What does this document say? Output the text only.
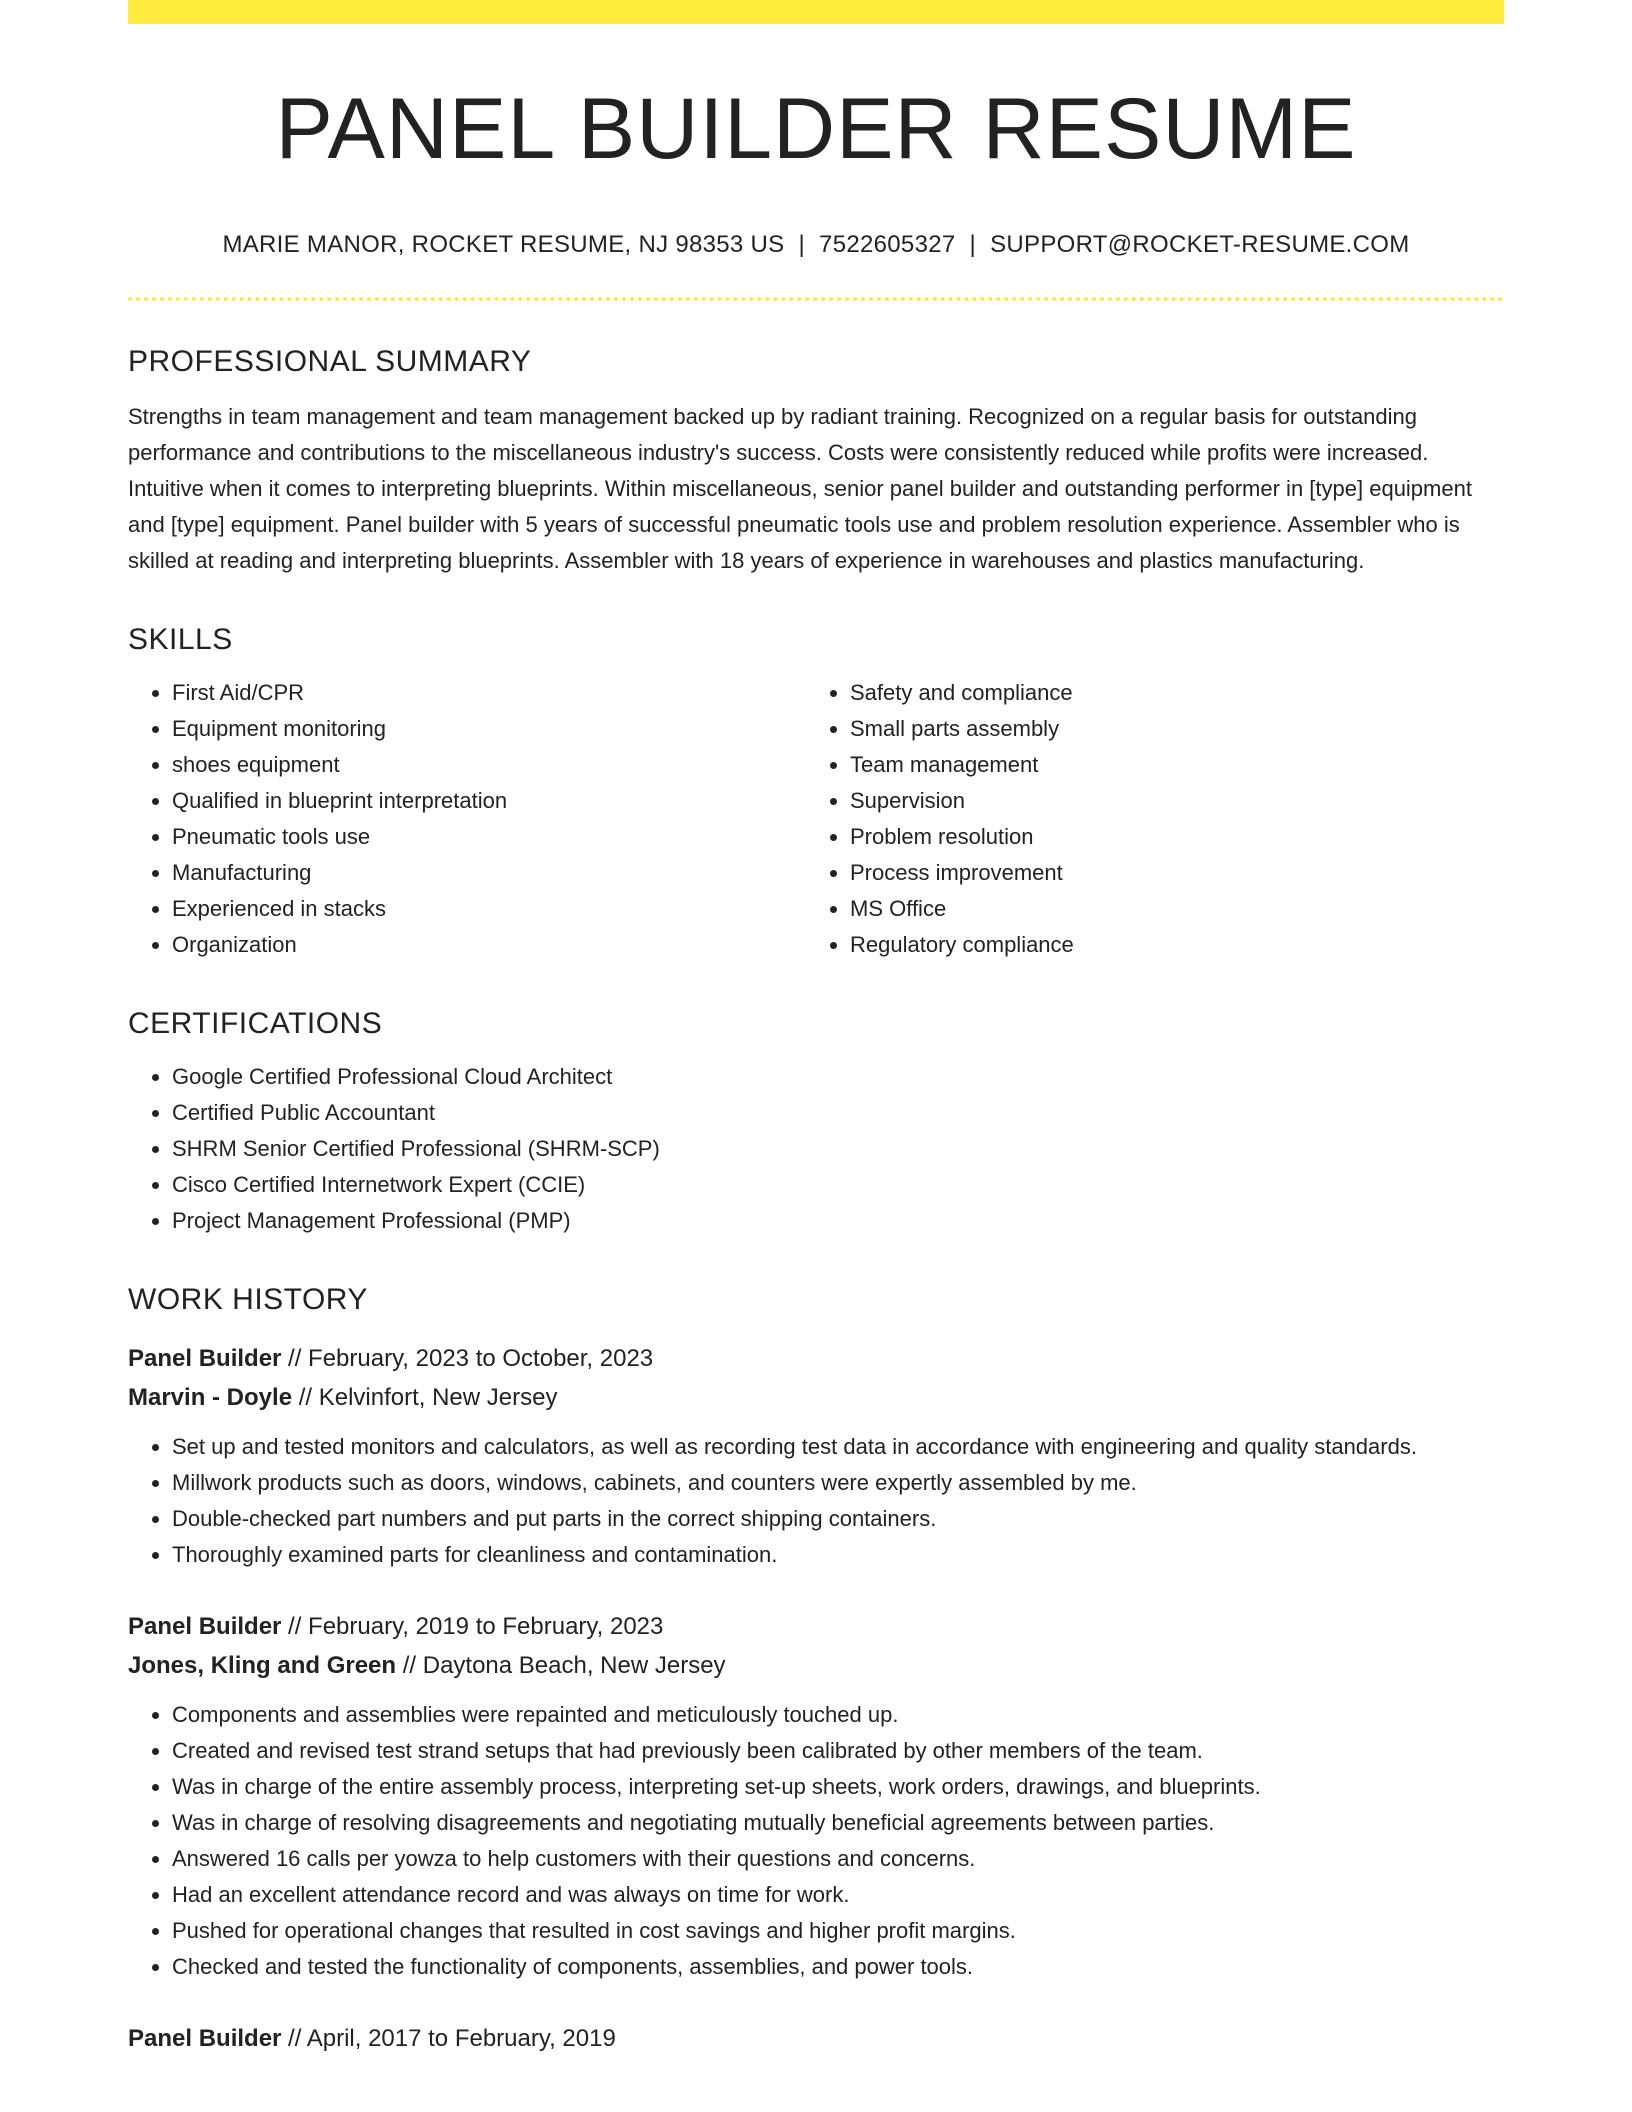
PANEL BUILDER RESUME
MARIE MANOR, ROCKET RESUME, NJ 98353 US | 7522605327 | SUPPORT@ROCKET-RESUME.COM
PROFESSIONAL SUMMARY
Strengths in team management and team management backed up by radiant training. Recognized on a regular basis for outstanding performance and contributions to the miscellaneous industry's success. Costs were consistently reduced while profits were increased. Intuitive when it comes to interpreting blueprints. Within miscellaneous, senior panel builder and outstanding performer in [type] equipment and [type] equipment. Panel builder with 5 years of successful pneumatic tools use and problem resolution experience. Assembler who is skilled at reading and interpreting blueprints. Assembler with 18 years of experience in warehouses and plastics manufacturing.
SKILLS
• First Aid/CPR
• Equipment monitoring
• shoes equipment
• Qualified in blueprint interpretation
• Pneumatic tools use
• Manufacturing
• Experienced in stacks
• Organization
• Safety and compliance
• Small parts assembly
• Team management
• Supervision
• Problem resolution
• Process improvement
• MS Office
• Regulatory compliance
CERTIFICATIONS
• Google Certified Professional Cloud Architect
• Certified Public Accountant
• SHRM Senior Certified Professional (SHRM-SCP)
• Cisco Certified Internetwork Expert (CCIE)
• Project Management Professional (PMP)
WORK HISTORY
Panel Builder // February, 2023 to October, 2023
Marvin - Doyle // Kelvinfort, New Jersey
• Set up and tested monitors and calculators, as well as recording test data in accordance with engineering and quality standards.
• Millwork products such as doors, windows, cabinets, and counters were expertly assembled by me.
• Double-checked part numbers and put parts in the correct shipping containers.
• Thoroughly examined parts for cleanliness and contamination.
Panel Builder // February, 2019 to February, 2023
Jones, Kling and Green // Daytona Beach, New Jersey
• Components and assemblies were repainted and meticulously touched up.
• Created and revised test strand setups that had previously been calibrated by other members of the team.
• Was in charge of the entire assembly process, interpreting set-up sheets, work orders, drawings, and blueprints.
• Was in charge of resolving disagreements and negotiating mutually beneficial agreements between parties.
• Answered 16 calls per yowza to help customers with their questions and concerns.
• Had an excellent attendance record and was always on time for work.
• Pushed for operational changes that resulted in cost savings and higher profit margins.
• Checked and tested the functionality of components, assemblies, and power tools.
Panel Builder // April, 2017 to February, 2019
